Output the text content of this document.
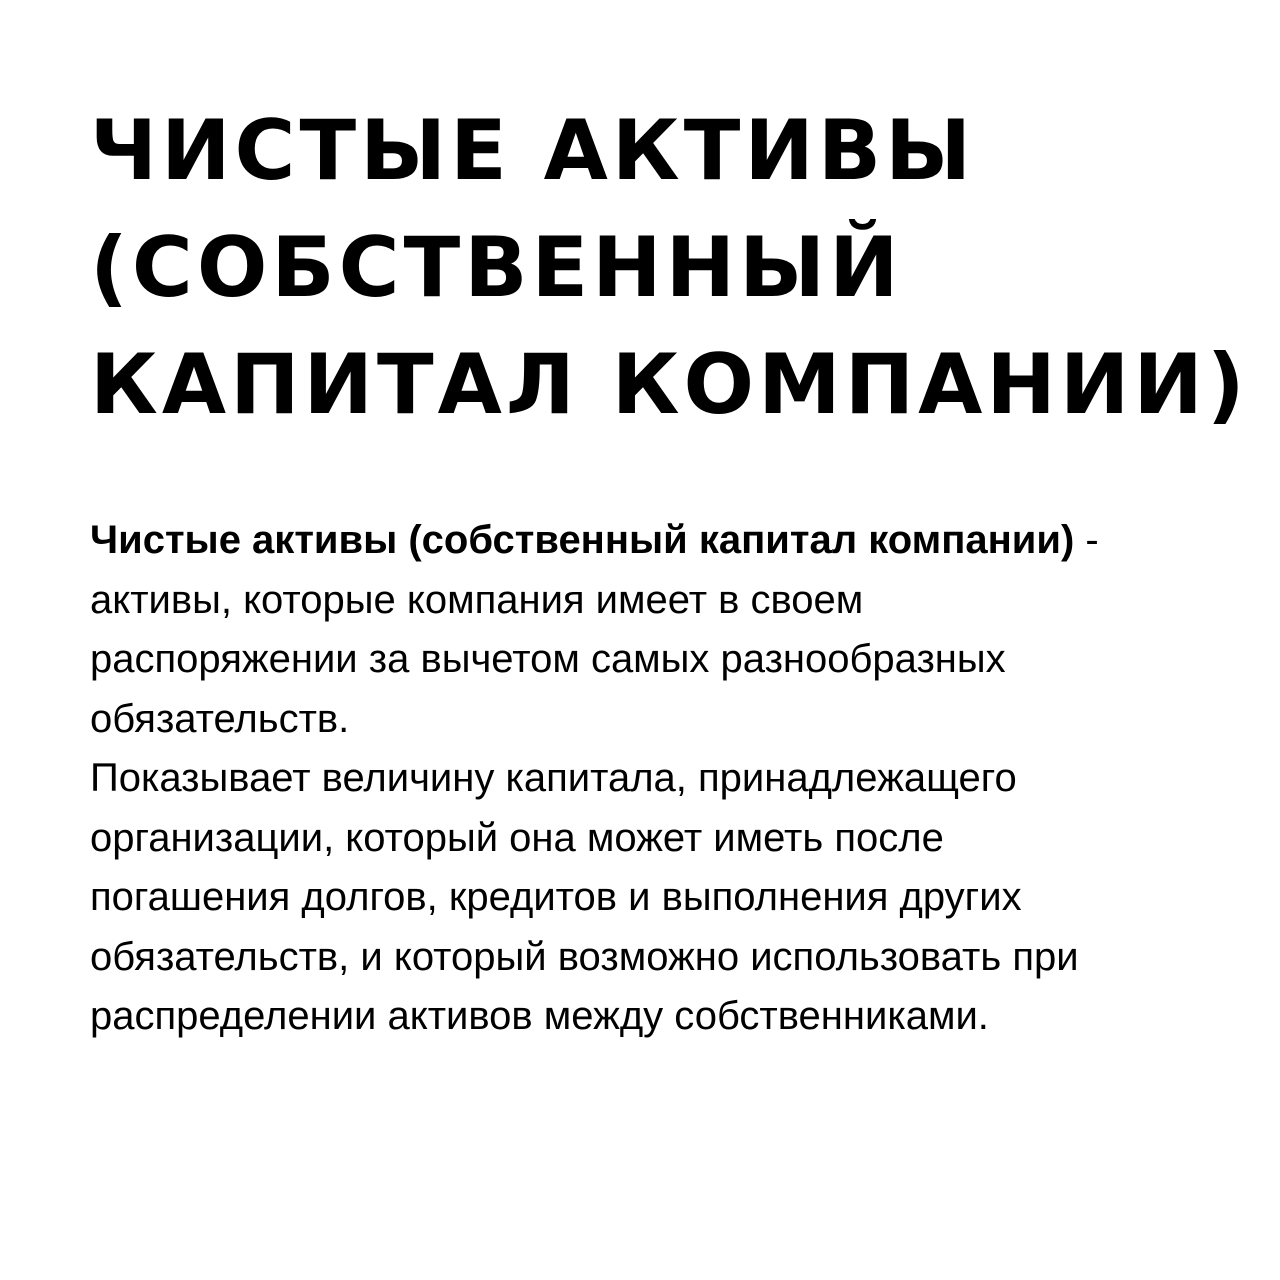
ЧИСТЫЕ АКТИВЫ
(СОБСТВЕННЫЙ
КАПИТАЛ КОМПАНИИ)
Чистые активы (собственный капитал компании) -
активы, которые компания имеет в своем
распоряжении за вычетом самых разнообразных
обязательств.
Показывает величину капитала, принадлежащего
организации, который она может иметь после
погашения долгов, кредитов и выполнения других
обязательств, и который возможно использовать при
распределении активов между собственниками.
